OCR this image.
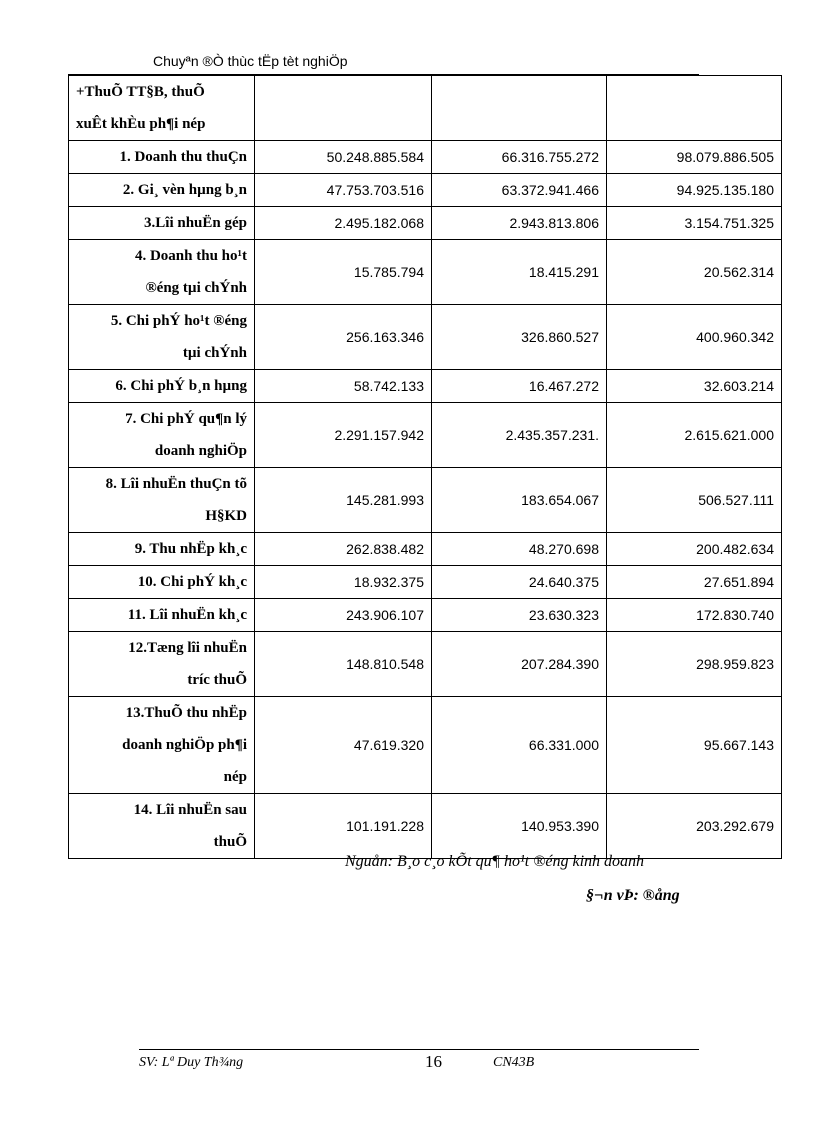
Chuyªn ®Ò thùc tËp tèt nghiÖp
+ThuÕ TT§B, thuÕ
xuÊt khÈu ph¶i nép			

1. Doanh thu thuÇn	50.248.885.584	66.316.755.272	98.079.886.505

2. Gi¸ vèn hµng b¸n	47.753.703.516	63.372.941.466	94.925.135.180

3.Lîi nhuËn gép	2.495.182.068	2.943.813.806	3.154.751.325

4. Doanh thu ho¹t
®éng tµi chÝnh	15.785.794	18.415.291	20.562.314

5. Chi phÝ ho¹t ®éng
tµi chÝnh	256.163.346	326.860.527	400.960.342

6. Chi phÝ b¸n hµng	58.742.133	16.467.272	32.603.214

7. Chi phÝ qu¶n lý
doanh nghiÖp	2.291.157.942	2.435.357.231.	2.615.621.000

8. Lîi nhuËn thuÇn tõ
H§KD	145.281.993	183.654.067	506.527.111

9. Thu nhËp kh¸c	262.838.482	48.270.698	200.482.634

10. Chi phÝ kh¸c	18.932.375	24.640.375	27.651.894

11. Lîi nhuËn kh¸c	243.906.107	23.630.323	172.830.740

12.Tæng lîi nhuËn
tríc thuÕ	148.810.548	207.284.390	298.959.823

13.ThuÕ thu nhËp
doanh nghiÖp ph¶i
nép	47.619.320	66.331.000	95.667.143

14. Lîi nhuËn sau
thuÕ	101.191.228	140.953.390	203.292.679
Nguån: B¸o c¸o kÕt qu¶ ho¹t ®éng kinh doanh
§¬n vÞ: ®ång
SV: Lª Duy Th¾ng	16	CN43B
